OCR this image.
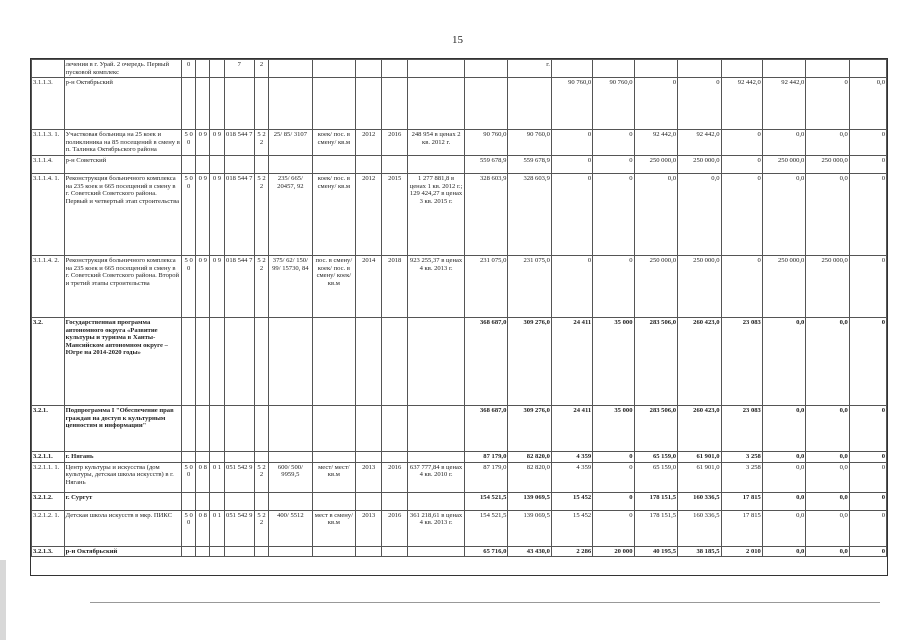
15
	лечения в г. Урай. 2 очередь. Первый пусковой комплекс	0			7	2							г.								
3.1.1.3.	р-н Октябрьский													90 760,0	90 760,0	0	0	92 442,0	92 442,0	0	0,0
3.1.1.3. 1.	Участковая больница на 25 коек и поликлиника на 85 посещений в смену в п. Талинка Октябрьского района	5 0 0	0 9	0 9	018 544 7	5 2 2	25/ 85/ 3107	коек/ пос. в смену/ кв.м	2012	2016	248 954 в ценах 2 кв. 2012 г.	90 760,0	90 760,0	0	0	92 442,0	92 442,0	0	0,0	0,0	0
3.1.1.4.	р-н Советский											559 678,9	559 678,9	0	0	250 000,0	250 000,0	0	250 000,0	250 000,0	0
3.1.1.4. 1.	Реконструкция больничного комплекса на 235 коек и 665 посещений в смену в г. Советский Советского района. Первый и четвертый этап строительства	5 0 0	0 9	0 9	018 544 7	5 2 2	235/ 665/ 20457, 92	коек/ пос. в смену/ кв.м	2012	2015	1 277 881,8 в ценах 1 кв. 2012 г.; 129 424,27 в ценах 3 кв. 2015 г.	328 603,9	328 603,9	0	0	0,0	0,0	0	0,0	0,0	0
3.1.1.4. 2.	Реконструкция больничного комплекса на 235 коек и 665 посещений в смену в г. Советский Советского района. Второй и третий этапы строительства	5 0 0	0 9	0 9	018 544 7	5 2 2	375/ 62/ 150/ 99/ 15730, 84	пос. в смену/ коек/ пос. в смену/ коек/ кв.м	2014	2018	923 255,37 в ценах 4 кв. 2013 г.	231 075,0	231 075,0	0	0	250 000,0	250 000,0	0	250 000,0	250 000,0	0
3.2.	Государственная программа автономного округа «Развитие культуры и туризма в Ханты-Мансийском автономном округе – Югре на 2014-2020 годы»											368 687,0	309 276,0	24 411	35 000	283 506,0	260 423,0	23 083	0,0	0,0	0
3.2.1.	Подпрограмма I "Обеспечение прав граждан на доступ к культурным ценностям и информации"											368 687,0	309 276,0	24 411	35 000	283 506,0	260 423,0	23 083	0,0	0,0	0
3.2.1.1.	г. Нягань											87 179,0	82 820,0	4 359	0	65 159,0	61 901,0	3 258	0,0	0,0	0
3.2.1.1. 1.	Центр культуры и искусства (дом культуры, детская школа искусств) в г. Нягань	5 0 0	0 8	0 1	051 542 9	5 2 2	600/ 500/ 9959,5	мест/ мест/ кв.м	2013	2016	637 777,84 в ценах 4 кв. 2010 г.	87 179,0	82 820,0	4 359	0	65 159,0	61 901,0	3 258	0,0	0,0	0
3.2.1.2.	г. Сургут											154 521,5	139 069,5	15 452	0	178 151,5	160 336,5	17 815	0,0	0,0	0
3.2.1.2. 1.	Детская школа искусств в мкр. ПИКС	5 0 0	0 8	0 1	051 542 9	5 2 2	400/ 5512	мест в смену/ кв.м	2013	2016	361 218,61 в ценах 4 кв. 2013 г.	154 521,5	139 069,5	15 452	0	178 151,5	160 336,5	17 815	0,0	0,0	0
3.2.1.3.	р-н Октябрьский											65 716,0	43 430,0	2 286	20 000	40 195,5	38 185,5	2 010	0,0	0,0	0
